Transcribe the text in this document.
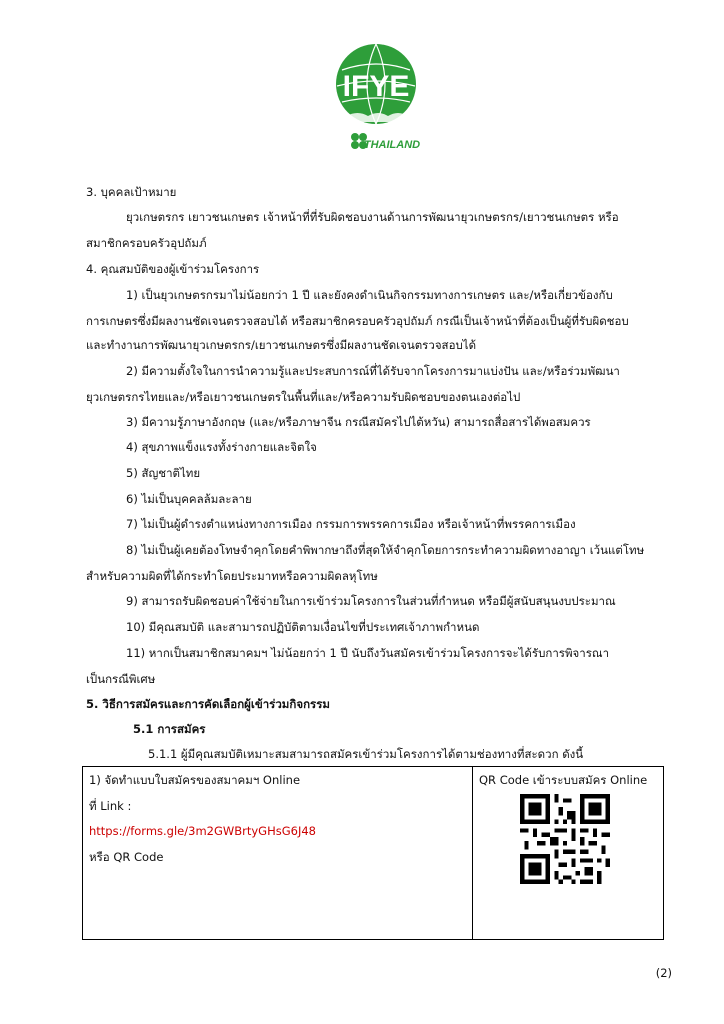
IFYE
THAILAND
3. บุคคลเป้าหมาย
ยุวเกษตรกร เยาวชนเกษตร เจ้าหน้าที่ที่รับผิดชอบงานด้านการพัฒนายุวเกษตรกร/เยาวชนเกษตร หรือ
สมาชิกครอบครัวอุปถัมภ์
4. คุณสมบัติของผู้เข้าร่วมโครงการ
1) เป็นยุวเกษตรกรมาไม่น้อยกว่า 1 ปี และยังคงดำเนินกิจกรรมทางการเกษตร และ/หรือเกี่ยวข้องกับ
การเกษตรซึ่งมีผลงานชัดเจนตรวจสอบได้ หรือสมาชิกครอบครัวอุปถัมภ์ กรณีเป็นเจ้าหน้าที่ต้องเป็นผู้ที่รับผิดชอบ
และทำงานการพัฒนายุวเกษตรกร/เยาวชนเกษตรซึ่งมีผลงานชัดเจนตรวจสอบได้
2) มีความตั้งใจในการนำความรู้และประสบการณ์ที่ได้รับจากโครงการมาแบ่งปัน และ/หรือร่วมพัฒนา
ยุวเกษตรกรไทยและ/หรือเยาวชนเกษตรในพื้นที่และ/หรือความรับผิดชอบของตนเองต่อไป
3) มีความรู้ภาษาอังกฤษ (และ/หรือภาษาจีน กรณีสมัครไปไต้หวัน) สามารถสื่อสารได้พอสมควร
4) สุขภาพแข็งแรงทั้งร่างกายและจิตใจ
5) สัญชาติไทย
6) ไม่เป็นบุคคลล้มละลาย
7) ไม่เป็นผู้ดำรงตำแหน่งทางการเมือง กรรมการพรรคการเมือง หรือเจ้าหน้าที่พรรคการเมือง
8) ไม่เป็นผู้เคยต้องโทษจำคุกโดยคำพิพากษาถึงที่สุดให้จำคุกโดยการกระทำความผิดทางอาญา เว้นแต่โทษ
สำหรับความผิดที่ได้กระทำโดยประมาทหรือความผิดลหุโทษ
9) สามารถรับผิดชอบค่าใช้จ่ายในการเข้าร่วมโครงการในส่วนที่กำหนด หรือมีผู้สนับสนุนงบประมาณ
10) มีคุณสมบัติ และสามารถปฏิบัติตามเงื่อนไขที่ประเทศเจ้าภาพกำหนด
11) หากเป็นสมาชิกสมาคมฯ ไม่น้อยกว่า 1 ปี นับถึงวันสมัครเข้าร่วมโครงการจะได้รับการพิจารณา
เป็นกรณีพิเศษ
5. วิธีการสมัครและการคัดเลือกผู้เข้าร่วมกิจกรรม
5.1 การสมัคร
5.1.1 ผู้มีคุณสมบัติเหมาะสมสามารถสมัครเข้าร่วมโครงการได้ตามช่องทางที่สะดวก ดังนี้
1) จัดทำแบบใบสมัครของสมาคมฯ Online
ที่ Link :
https://forms.gle/3m2GWBrtyGHsG6J48
หรือ QR Code
QR Code เข้าระบบสมัคร Online
(2)
